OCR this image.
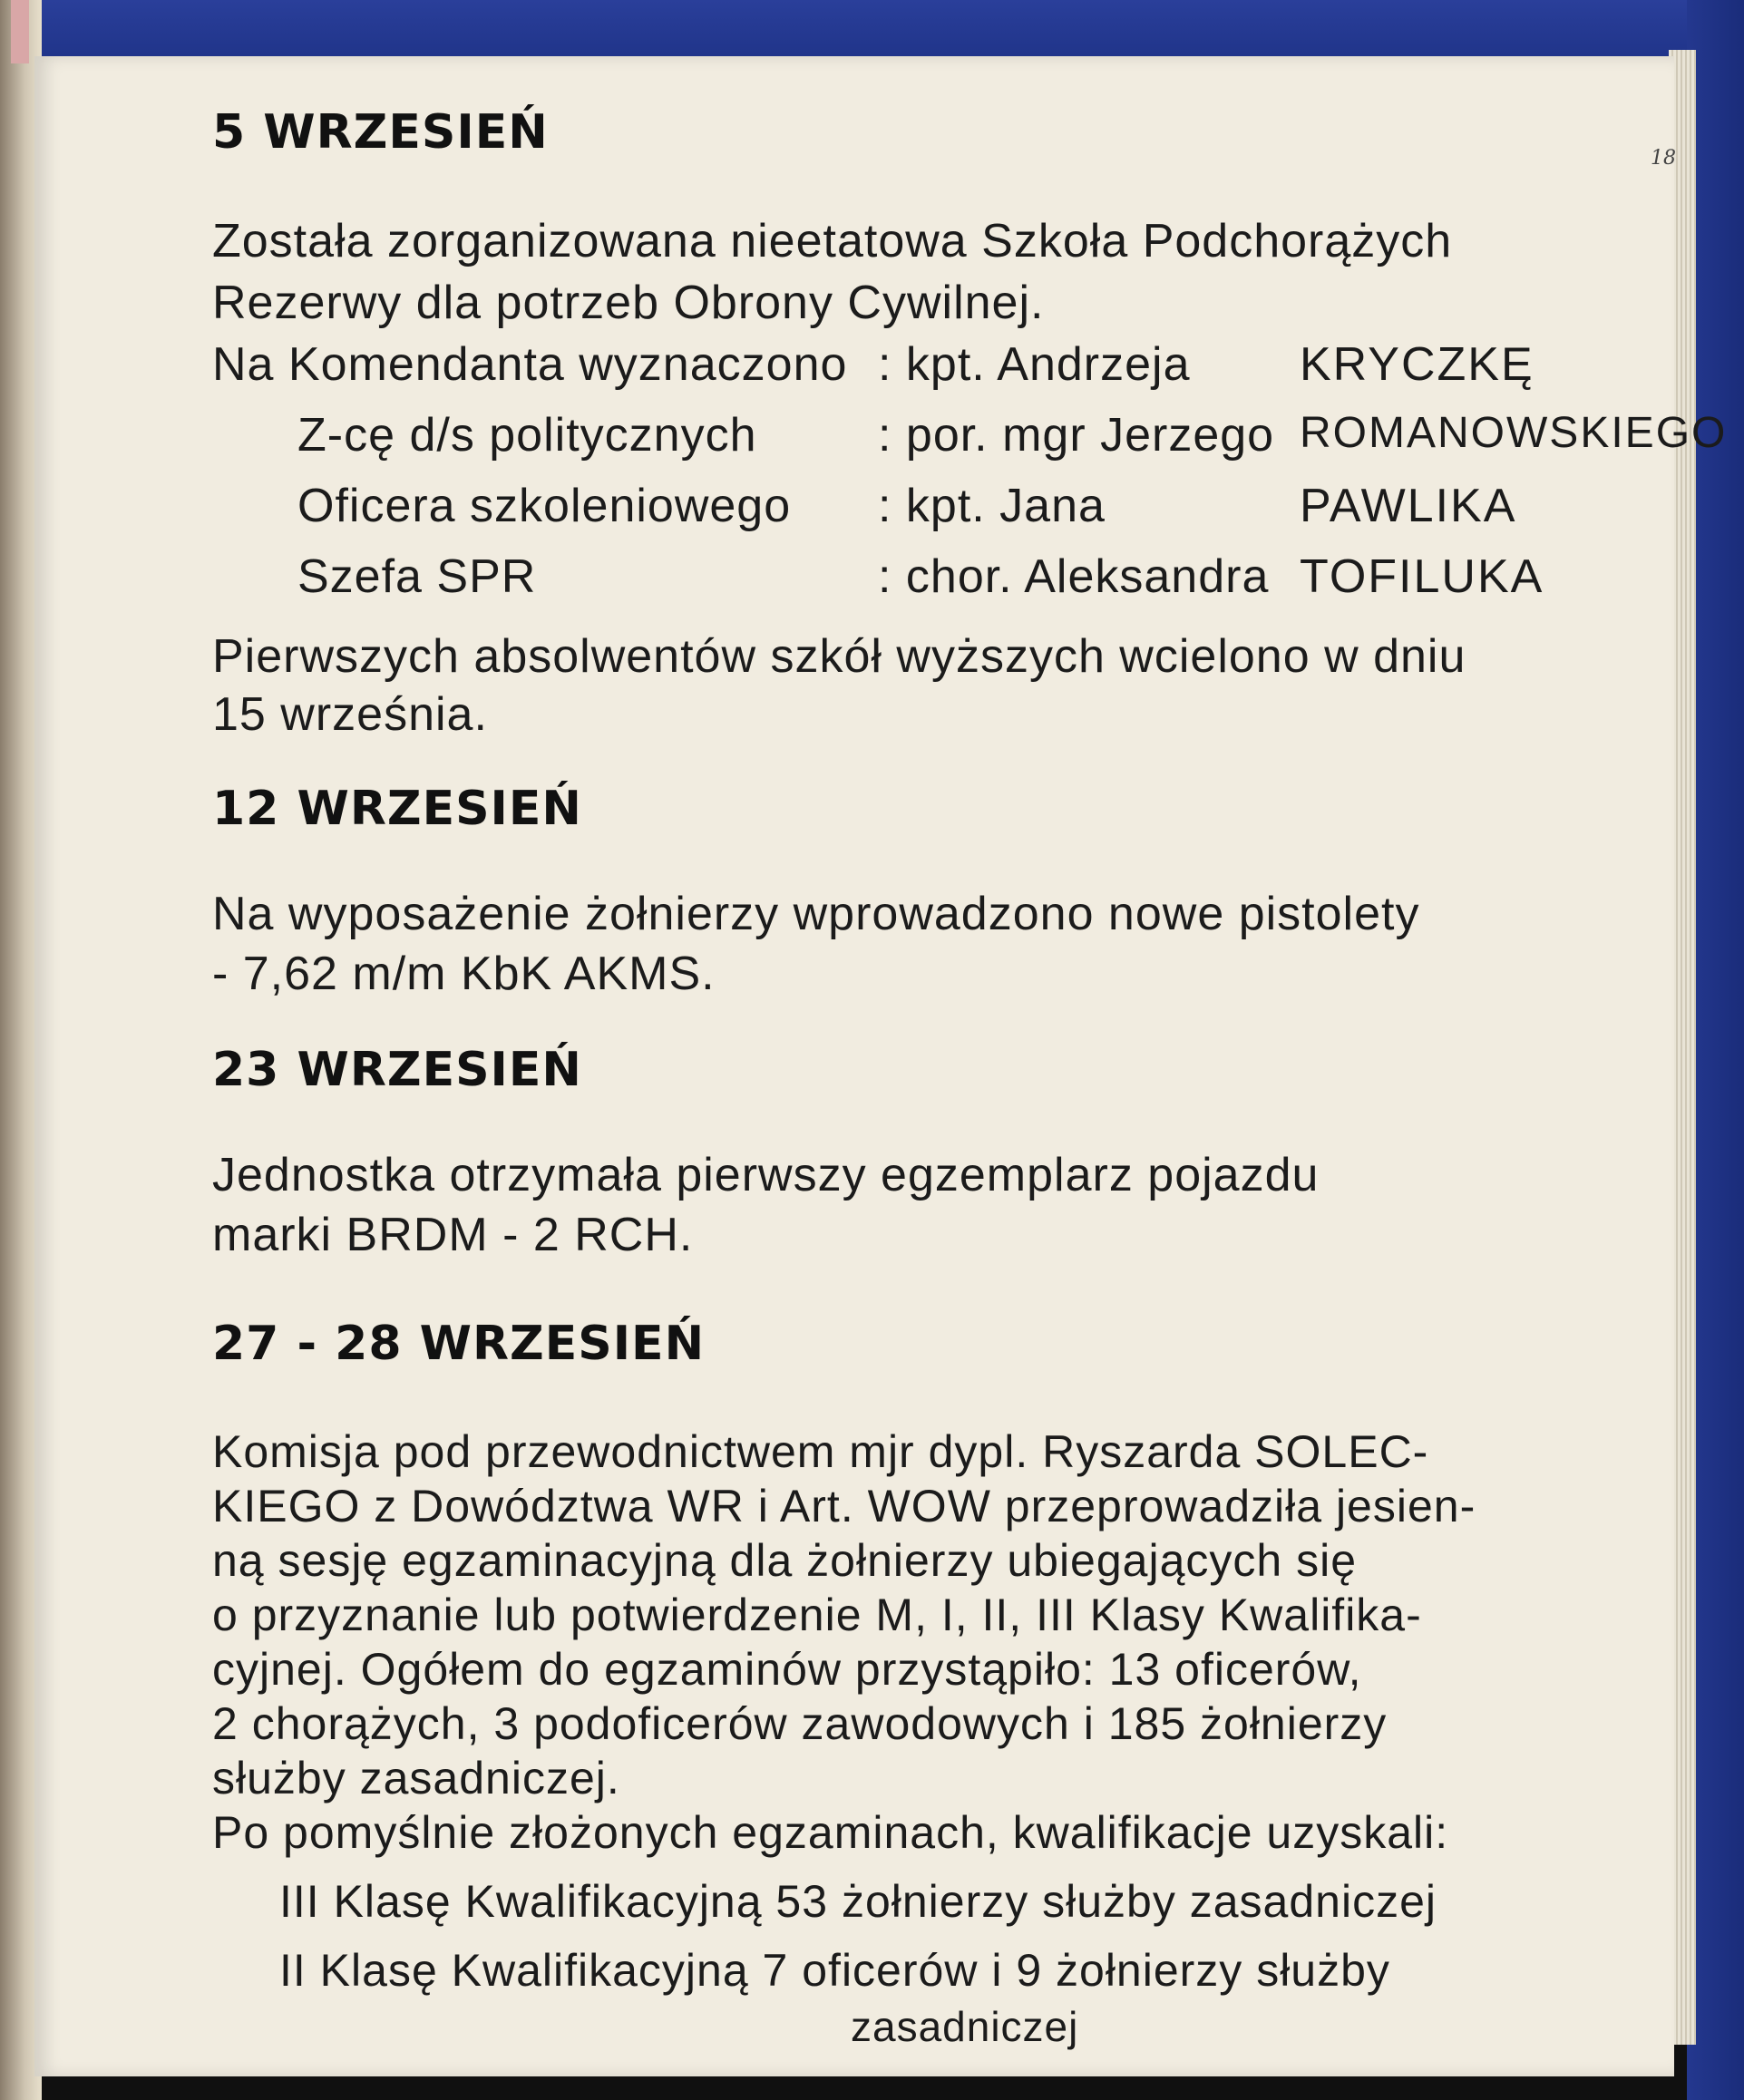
18
5 WRZESIEŃ
Została zorganizowana nieetatowa Szkoła Podchorążych
Rezerwy dla potrzeb Obrony Cywilnej.
Na Komendanta wyznaczono : kpt. Andrzeja KRYCZKĘ
Z-cę d/s politycznych	: por. mgr Jerzego ROMANOWSKIEGO
Oficera szkoleniowego : kpt. Jana	PAWLIKA
Szefa SPR	: chor. Aleksandra TOFILUKA
Pierwszych absolwentów szkół wyższych wcielono w dniu
15 września.
12 WRZESIEŃ
Na wyposażenie żołnierzy wprowadzono nowe pistolety
- 7,62 m/m KbK AKMS.
23 WRZESIEŃ
Jednostka otrzymała pierwszy egzemplarz pojazdu
marki BRDM - 2 RCH.
27 - 28 WRZESIEŃ
Komisja pod przewodnictwem mjr dypl. Ryszarda SOLEC-
KIEGO z Dowództwa WR i Art. WOW przeprowadziła jesien-
ną sesję egzaminacyjną dla żołnierzy ubiegających się
o przyznanie lub potwierdzenie M, I, II, III Klasy Kwalifika-
cyjnej. Ogółem do egzaminów przystąpiło: 13 oficerów,
2 chorążych, 3 podoficerów zawodowych i 185 żołnierzy
służby zasadniczej.
Po pomyślnie złożonych egzaminach, kwalifikacje uzyskali:
III Klasę Kwalifikacyjną 53 żołnierzy służby zasadniczej
II Klasę Kwalifikacyjną 7 oficerów i 9 żołnierzy służby
zasadniczej
